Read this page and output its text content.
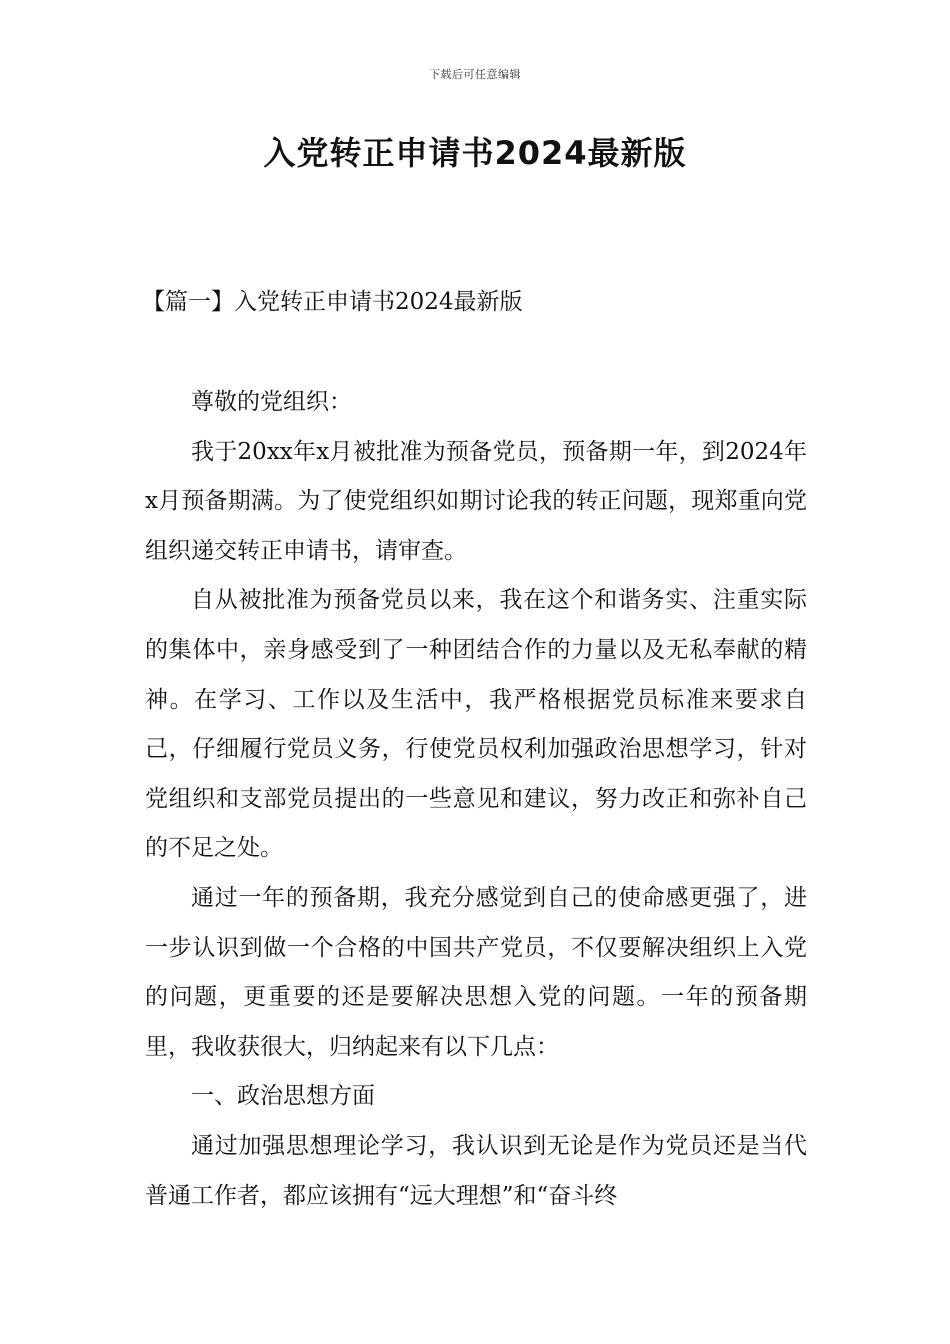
下载后可任意编辑
入党转正申请书2024最新版
【篇一】入党转正申请书2024最新版

尊敬的党组织：

我于20xx年x月被批准为预备党员，预备期一年，到2024年x月预备期满。为了使党组织如期讨论我的转正问题，现郑重向党组织递交转正申请书，请审查。

自从被批准为预备党员以来，我在这个和谐务实、注重实际的集体中，亲身感受到了一种团结合作的力量以及无私奉献的精神。在学习、工作以及生活中，我严格根据党员标准来要求自己，仔细履行党员义务，行使党员权利加强政治思想学习，针对党组织和支部党员提出的一些意见和建议，努力改正和弥补自己的不足之处。

通过一年的预备期，我充分感觉到自己的使命感更强了，进一步认识到做一个合格的中国共产党员，不仅要解决组织上入党的问题，更重要的还是要解决思想入党的问题。一年的预备期里，我收获很大，归纳起来有以下几点：

一、政治思想方面

通过加强思想理论学习，我认识到无论是作为党员还是当代普通工作者，都应该拥有“远大理想”和“奋斗终
